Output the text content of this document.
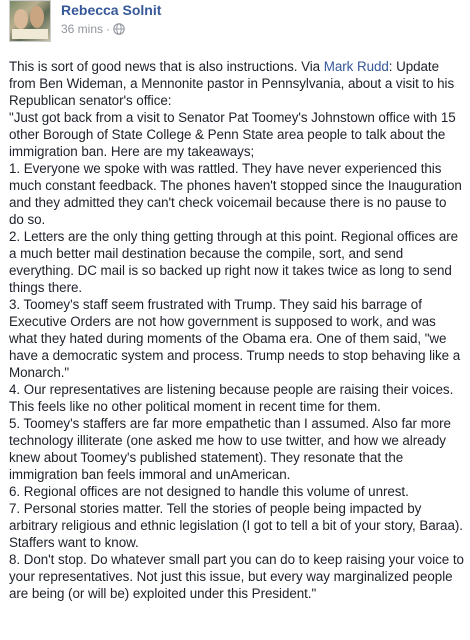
Rebecca Solnit
36 mins ·

This is sort of good news that is also instructions. Via Mark Rudd: Update from Ben Wideman, a Mennonite pastor in Pennsylvania, about a visit to his Republican senator's office:

"Just got back from a visit to Senator Pat Toomey's Johnstown office with 15 other Borough of State College & Penn State area people to talk about the immigration ban. Here are my takeaways;

1. Everyone we spoke with was rattled. They have never experienced this much constant feedback. The phones haven't stopped since the Inauguration and they admitted they can't check voicemail because there is no pause to do so.

2. Letters are the only thing getting through at this point. Regional offices are a much better mail destination because the compile, sort, and send everything. DC mail is so backed up right now it takes twice as long to send things there.

3. Toomey's staff seem frustrated with Trump. They said his barrage of Executive Orders are not how government is supposed to work, and was what they hated during moments of the Obama era. One of them said, "we have a democratic system and process. Trump needs to stop behaving like a Monarch."

4. Our representatives are listening because people are raising their voices. This feels like no other political moment in recent time for them.

5. Toomey's staffers are far more empathetic than I assumed. Also far more technology illiterate (one asked me how to use twitter, and how we already knew about Toomey's published statement). They resonate that the immigration ban feels immoral and unAmerican.

6. Regional offices are not designed to handle this volume of unrest.

7. Personal stories matter. Tell the stories of people being impacted by arbitrary religious and ethnic legislation (I got to tell a bit of your story, Baraa). Staffers want to know.

8. Don't stop. Do whatever small part you can do to keep raising your voice to your representatives. Not just this issue, but every way marginalized people are being (or will be) exploited under this President."
